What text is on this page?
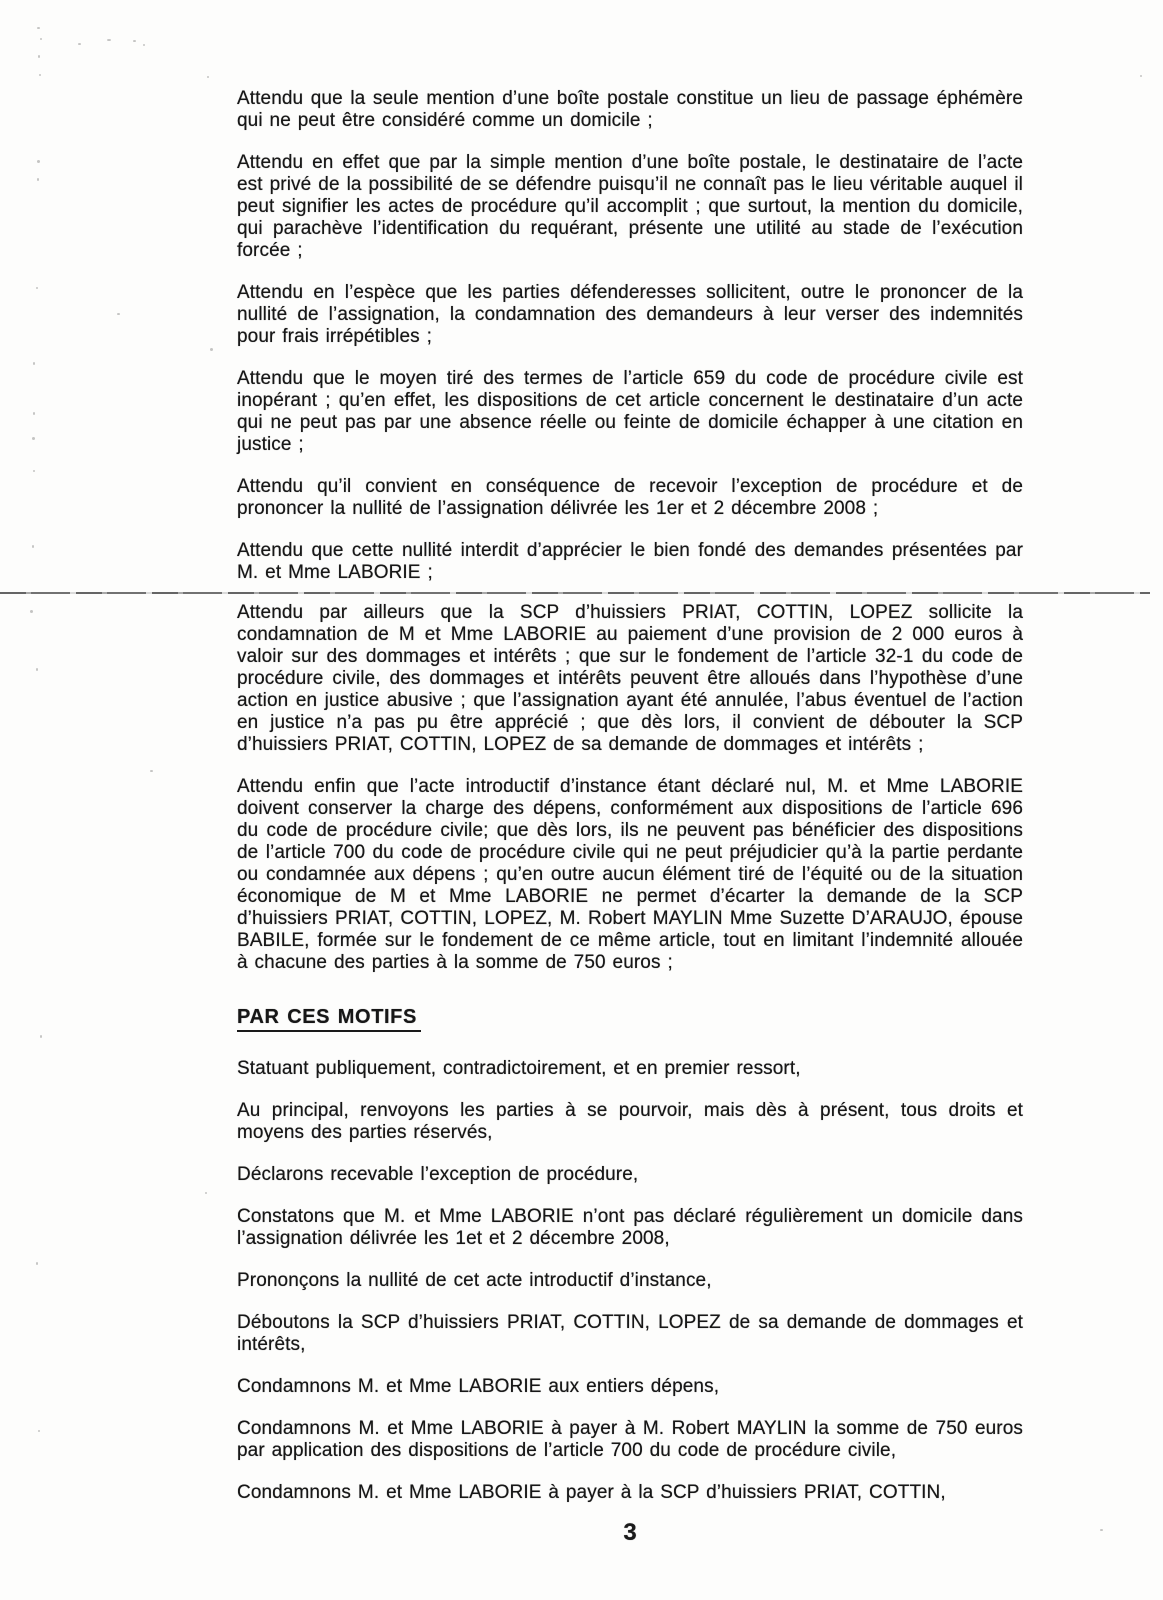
Attendu que la seule mention d’une boîte postale constitue un lieu de passage éphémère qui ne peut être considéré comme un domicile ;

Attendu en effet que par la simple mention d’une boîte postale, le destinataire de l’acte est privé de la possibilité de se défendre puisqu’il ne connaît pas le lieu véritable auquel il peut signifier les actes de procédure qu’il accomplit ; que surtout, la mention du domicile, qui parachève l’identification du requérant, présente une utilité au stade de l’exécution forcée ;

Attendu en l’espèce que les parties défenderesses sollicitent, outre le prononcer de la nullité de l’assignation, la condamnation des demandeurs à leur verser des indemnités pour frais irrépétibles ;

Attendu que le moyen tiré des termes de l’article 659 du code de procédure civile est inopérant ; qu’en effet, les dispositions de cet article concernent le destinataire d’un acte qui ne peut pas par une absence réelle ou feinte de domicile échapper à une citation en justice ;

Attendu qu’il convient en conséquence de recevoir l’exception de procédure et de prononcer la nullité de l’assignation délivrée les 1er et 2 décembre 2008 ;

Attendu que cette nullité interdit d’apprécier le bien fondé des demandes présentées par M. et Mme LABORIE ;

Attendu par ailleurs que la SCP d’huissiers PRIAT, COTTIN, LOPEZ sollicite la condamnation de M et Mme LABORIE au paiement d’une provision de 2 000 euros à valoir sur des dommages et intérêts ; que sur le fondement de l’article 32-1 du code de procédure civile, des dommages et intérêts peuvent être alloués dans l’hypothèse d’une action en justice abusive ; que l’assignation ayant été annulée, l’abus éventuel de l’action en justice n’a pas pu être apprécié ; que dès lors, il convient de débouter la SCP d’huissiers PRIAT, COTTIN, LOPEZ de sa demande de dommages et intérêts ;

Attendu enfin que l’acte introductif d’instance étant déclaré nul, M. et Mme LABORIE doivent conserver la charge des dépens, conformément aux dispositions de l’article 696 du code de procédure civile; que dès lors, ils ne peuvent pas bénéficier des dispositions de l’article 700 du code de procédure civile qui ne peut préjudicier qu’à la partie perdante ou condamnée aux dépens ; qu’en outre aucun élément tiré de l’équité ou de la situation économique de M et Mme LABORIE ne permet d’écarter la demande de la SCP d’huissiers PRIAT, COTTIN, LOPEZ, M. Robert MAYLIN Mme Suzette D’ARAUJO, épouse BABILE, formée sur le fondement de ce même article, tout en limitant l’indemnité allouée à chacune des parties à la somme de 750 euros ;

PAR CES MOTIFS

Statuant publiquement, contradictoirement, et en premier ressort,

Au principal, renvoyons les parties à se pourvoir, mais dès à présent, tous droits et moyens des parties réservés,

Déclarons recevable l’exception de procédure,

Constatons que M. et Mme LABORIE n’ont pas déclaré régulièrement un domicile dans l’assignation délivrée les 1et et 2 décembre 2008,

Prononçons la nullité de cet acte introductif d’instance,

Déboutons la SCP d’huissiers PRIAT, COTTIN, LOPEZ de sa demande de dommages et intérêts,

Condamnons M. et Mme LABORIE aux entiers dépens,

Condamnons M. et Mme LABORIE à payer à M. Robert MAYLIN la somme de 750 euros par application des dispositions de l’article 700 du code de procédure civile,

Condamnons M. et Mme LABORIE à payer à la SCP d’huissiers PRIAT, COTTIN,

3
